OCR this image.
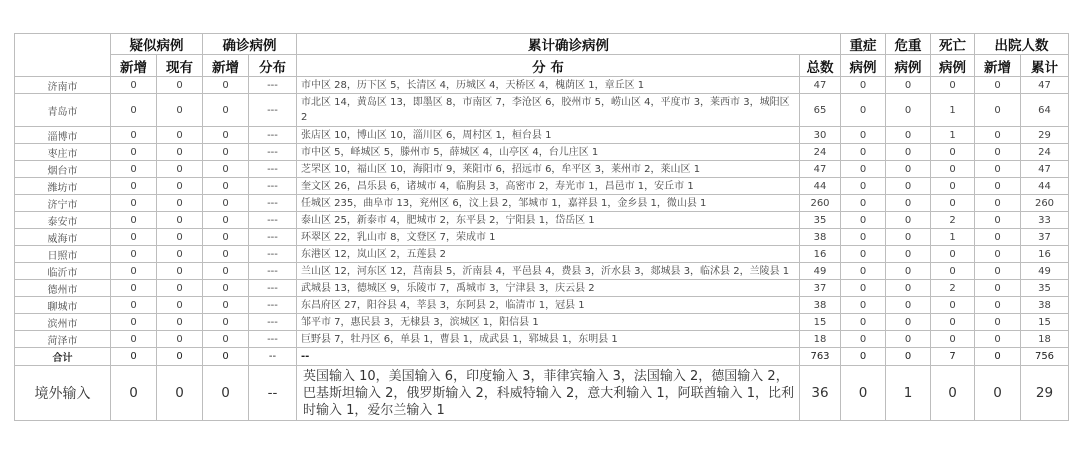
	疑似病例		确诊病例		累计确诊病例		重症	危重	死亡	出院人数	
	新增	现有	新增	分布	分 布	总数	病例	病例	病例	新增	累计
济南市	0	0	0	---	市中区 28，历下区 5，长清区 4，历城区 4，天桥区 4，槐荫区 1，章丘区 1	47	0	0	0	0	47
青岛市	0	0	0	---	市北区 14，黄岛区 13，即墨区 8，市南区 7，李沧区 6，胶州市 5，崂山区 4，平度市 3，莱西市 3，城阳区 2	65	0	0	1	0	64
淄博市	0	0	0	---	张店区 10，博山区 10，淄川区 6，周村区 1，桓台县 1	30	0	0	1	0	29
枣庄市	0	0	0	---	市中区 5，峄城区 5，滕州市 5，薛城区 4，山亭区 4，台儿庄区 1	24	0	0	0	0	24
烟台市	0	0	0	---	芝罘区 10，福山区 10，海阳市 9，莱阳市 6，招远市 6，牟平区 3，莱州市 2，莱山区 1	47	0	0	0	0	47
潍坊市	0	0	0	---	奎文区 26，昌乐县 6，诸城市 4，临朐县 3，高密市 2，寿光市 1，昌邑市 1，安丘市 1	44	0	0	0	0	44
济宁市	0	0	0	---	任城区 235，曲阜市 13，兖州区 6，汶上县 2，邹城市 1，嘉祥县 1，金乡县 1，微山县 1	260	0	0	0	0	260
泰安市	0	0	0	---	泰山区 25，新泰市 4，肥城市 2，东平县 2，宁阳县 1，岱岳区 1	35	0	0	2	0	33
威海市	0	0	0	---	环翠区 22，乳山市 8，文登区 7，荣成市 1	38	0	0	1	0	37
日照市	0	0	0	---	东港区 12，岚山区 2，五莲县 2	16	0	0	0	0	16
临沂市	0	0	0	---	兰山区 12，河东区 12，莒南县 5，沂南县 4，平邑县 4，费县 3，沂水县 3，郯城县 3，临沭县 2，兰陵县 1	49	0	0	0	0	49
德州市	0	0	0	---	武城县 13，德城区 9，乐陵市 7，禹城市 3，宁津县 3，庆云县 2	37	0	0	2	0	35
聊城市	0	0	0	---	东昌府区 27，阳谷县 4，莘县 3，东阿县 2，临清市 1，冠县 1	38	0	0	0	0	38
滨州市	0	0	0	---	邹平市 7，惠民县 3，无棣县 3，滨城区 1，阳信县 1	15	0	0	0	0	15
菏泽市	0	0	0	---	巨野县 7，牡丹区 6，单县 1，曹县 1，成武县 1，郓城县 1，东明县 1	18	0	0	0	0	18
合计	0	0	0	--	--	763	0	0	7	0	756
境外输入	0	0	0	--	英国输入 10，美国输入 6，印度输入 3，菲律宾输入 3，法国输入 2，德国输入 2，巴基斯坦输入 2，俄罗斯输入 2，科威特输入 2，意大利输入 1，阿联酋输入 1，比利时输入 1，爱尔兰输入 1	36	0	1	0	0	29
